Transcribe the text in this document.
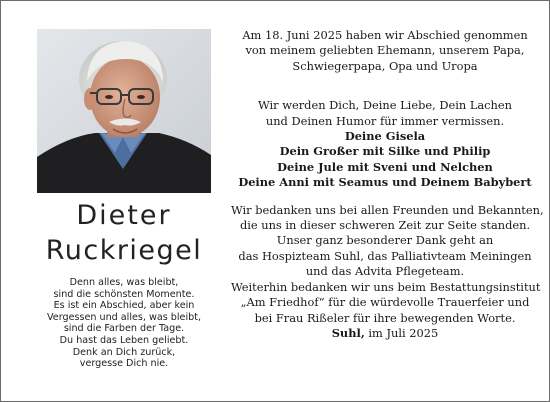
Dieter
Ruckriegel
Denn alles, was bleibt,
sind die schönsten Momente.
Es ist ein Abschied, aber kein
Vergessen und alles, was bleibt,
sind die Farben der Tage.
Du hast das Leben geliebt.
Denk an Dich zurück,
vergesse Dich nie.
Am 18. Juni 2025 haben wir Abschied genommen
von meinem geliebten Ehemann, unserem Papa,
Schwiegerpapa, Opa und Uropa
Wir werden Dich, Deine Liebe, Dein Lachen
und Deinen Humor für immer vermissen.
Deine Gisela
Dein Großer mit Silke und Philip
Deine Jule mit Sveni und Nelchen
Deine Anni mit Seamus und Deinem Babybert
Wir bedanken uns bei allen Freunden und Bekannten,
die uns in dieser schweren Zeit zur Seite standen.
Unser ganz besonderer Dank geht an
das Hospizteam Suhl, das Palliativteam Meiningen
und das Advita Pflegeteam.
Weiterhin bedanken wir uns beim Bestattungsinstitut
„Am Friedhof“ für die würdevolle Trauerfeier und
bei Frau Rißeler für ihre bewegenden Worte.
Suhl, im Juli 2025
